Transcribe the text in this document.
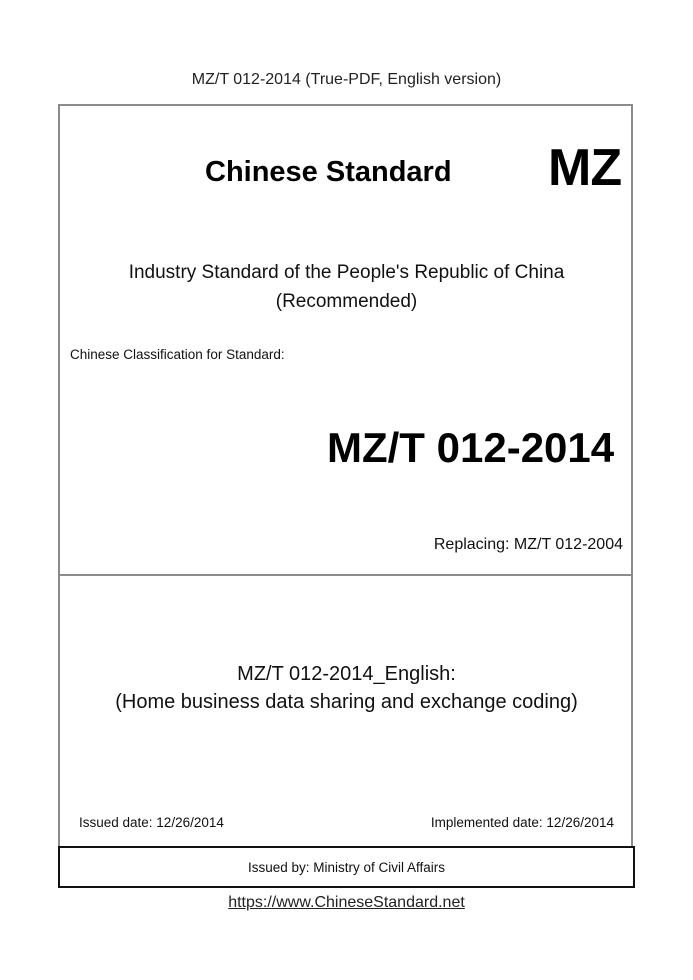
MZ/T 012-2014 (True-PDF, English version)
Chinese Standard MZ
Industry Standard of the People's Republic of China
(Recommended)
Chinese Classification for Standard:
MZ/T 012-2014
Replacing: MZ/T 012-2004
MZ/T 012-2014_English:
(Home business data sharing and exchange coding)
Issued date: 12/26/2014	Implemented date: 12/26/2014
Issued by: Ministry of Civil Affairs
https://www.ChineseStandard.net
